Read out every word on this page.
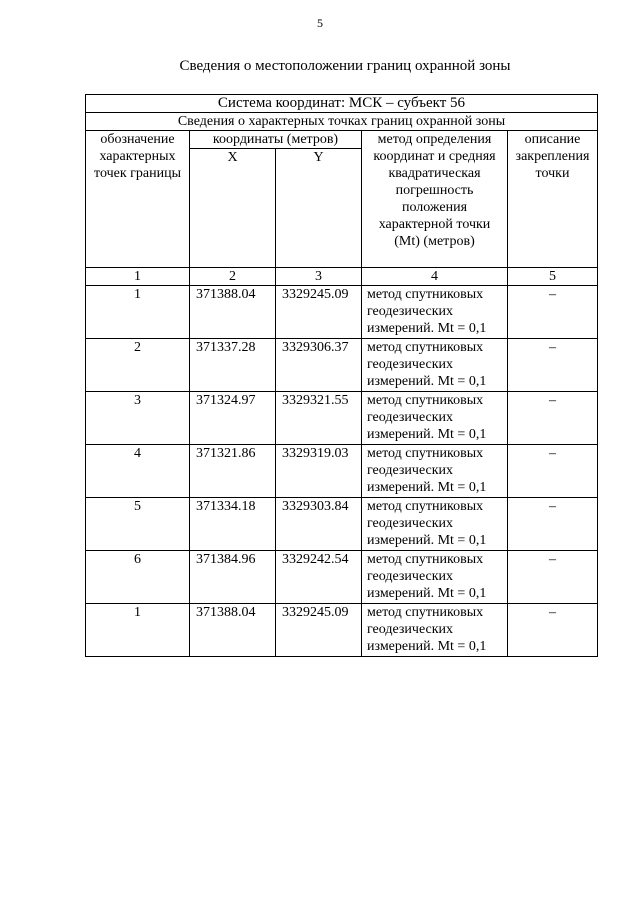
5
Сведения о местоположении границ охранной зоны
Система координат: МСК – субъект 56				
Сведения о характерных точках границ охранной зоны				
обозначение характерных точек границы	координаты (метров)		метод определения координат и средняя квадратическая погрешность положения характерной точки (Mt) (метров)	описание закрепления точки
	X	Y		
1	2	3	4	5
1	371388.04	3329245.09	метод спутниковых геодезических измерений. Mt = 0,1	–
2	371337.28	3329306.37	метод спутниковых геодезических измерений. Mt = 0,1	–
3	371324.97	3329321.55	метод спутниковых геодезических измерений. Mt = 0,1	–
4	371321.86	3329319.03	метод спутниковых геодезических измерений. Mt = 0,1	–
5	371334.18	3329303.84	метод спутниковых геодезических измерений. Mt = 0,1	–
6	371384.96	3329242.54	метод спутниковых геодезических измерений. Mt = 0,1	–
1	371388.04	3329245.09	метод спутниковых геодезических измерений. Mt = 0,1	–
